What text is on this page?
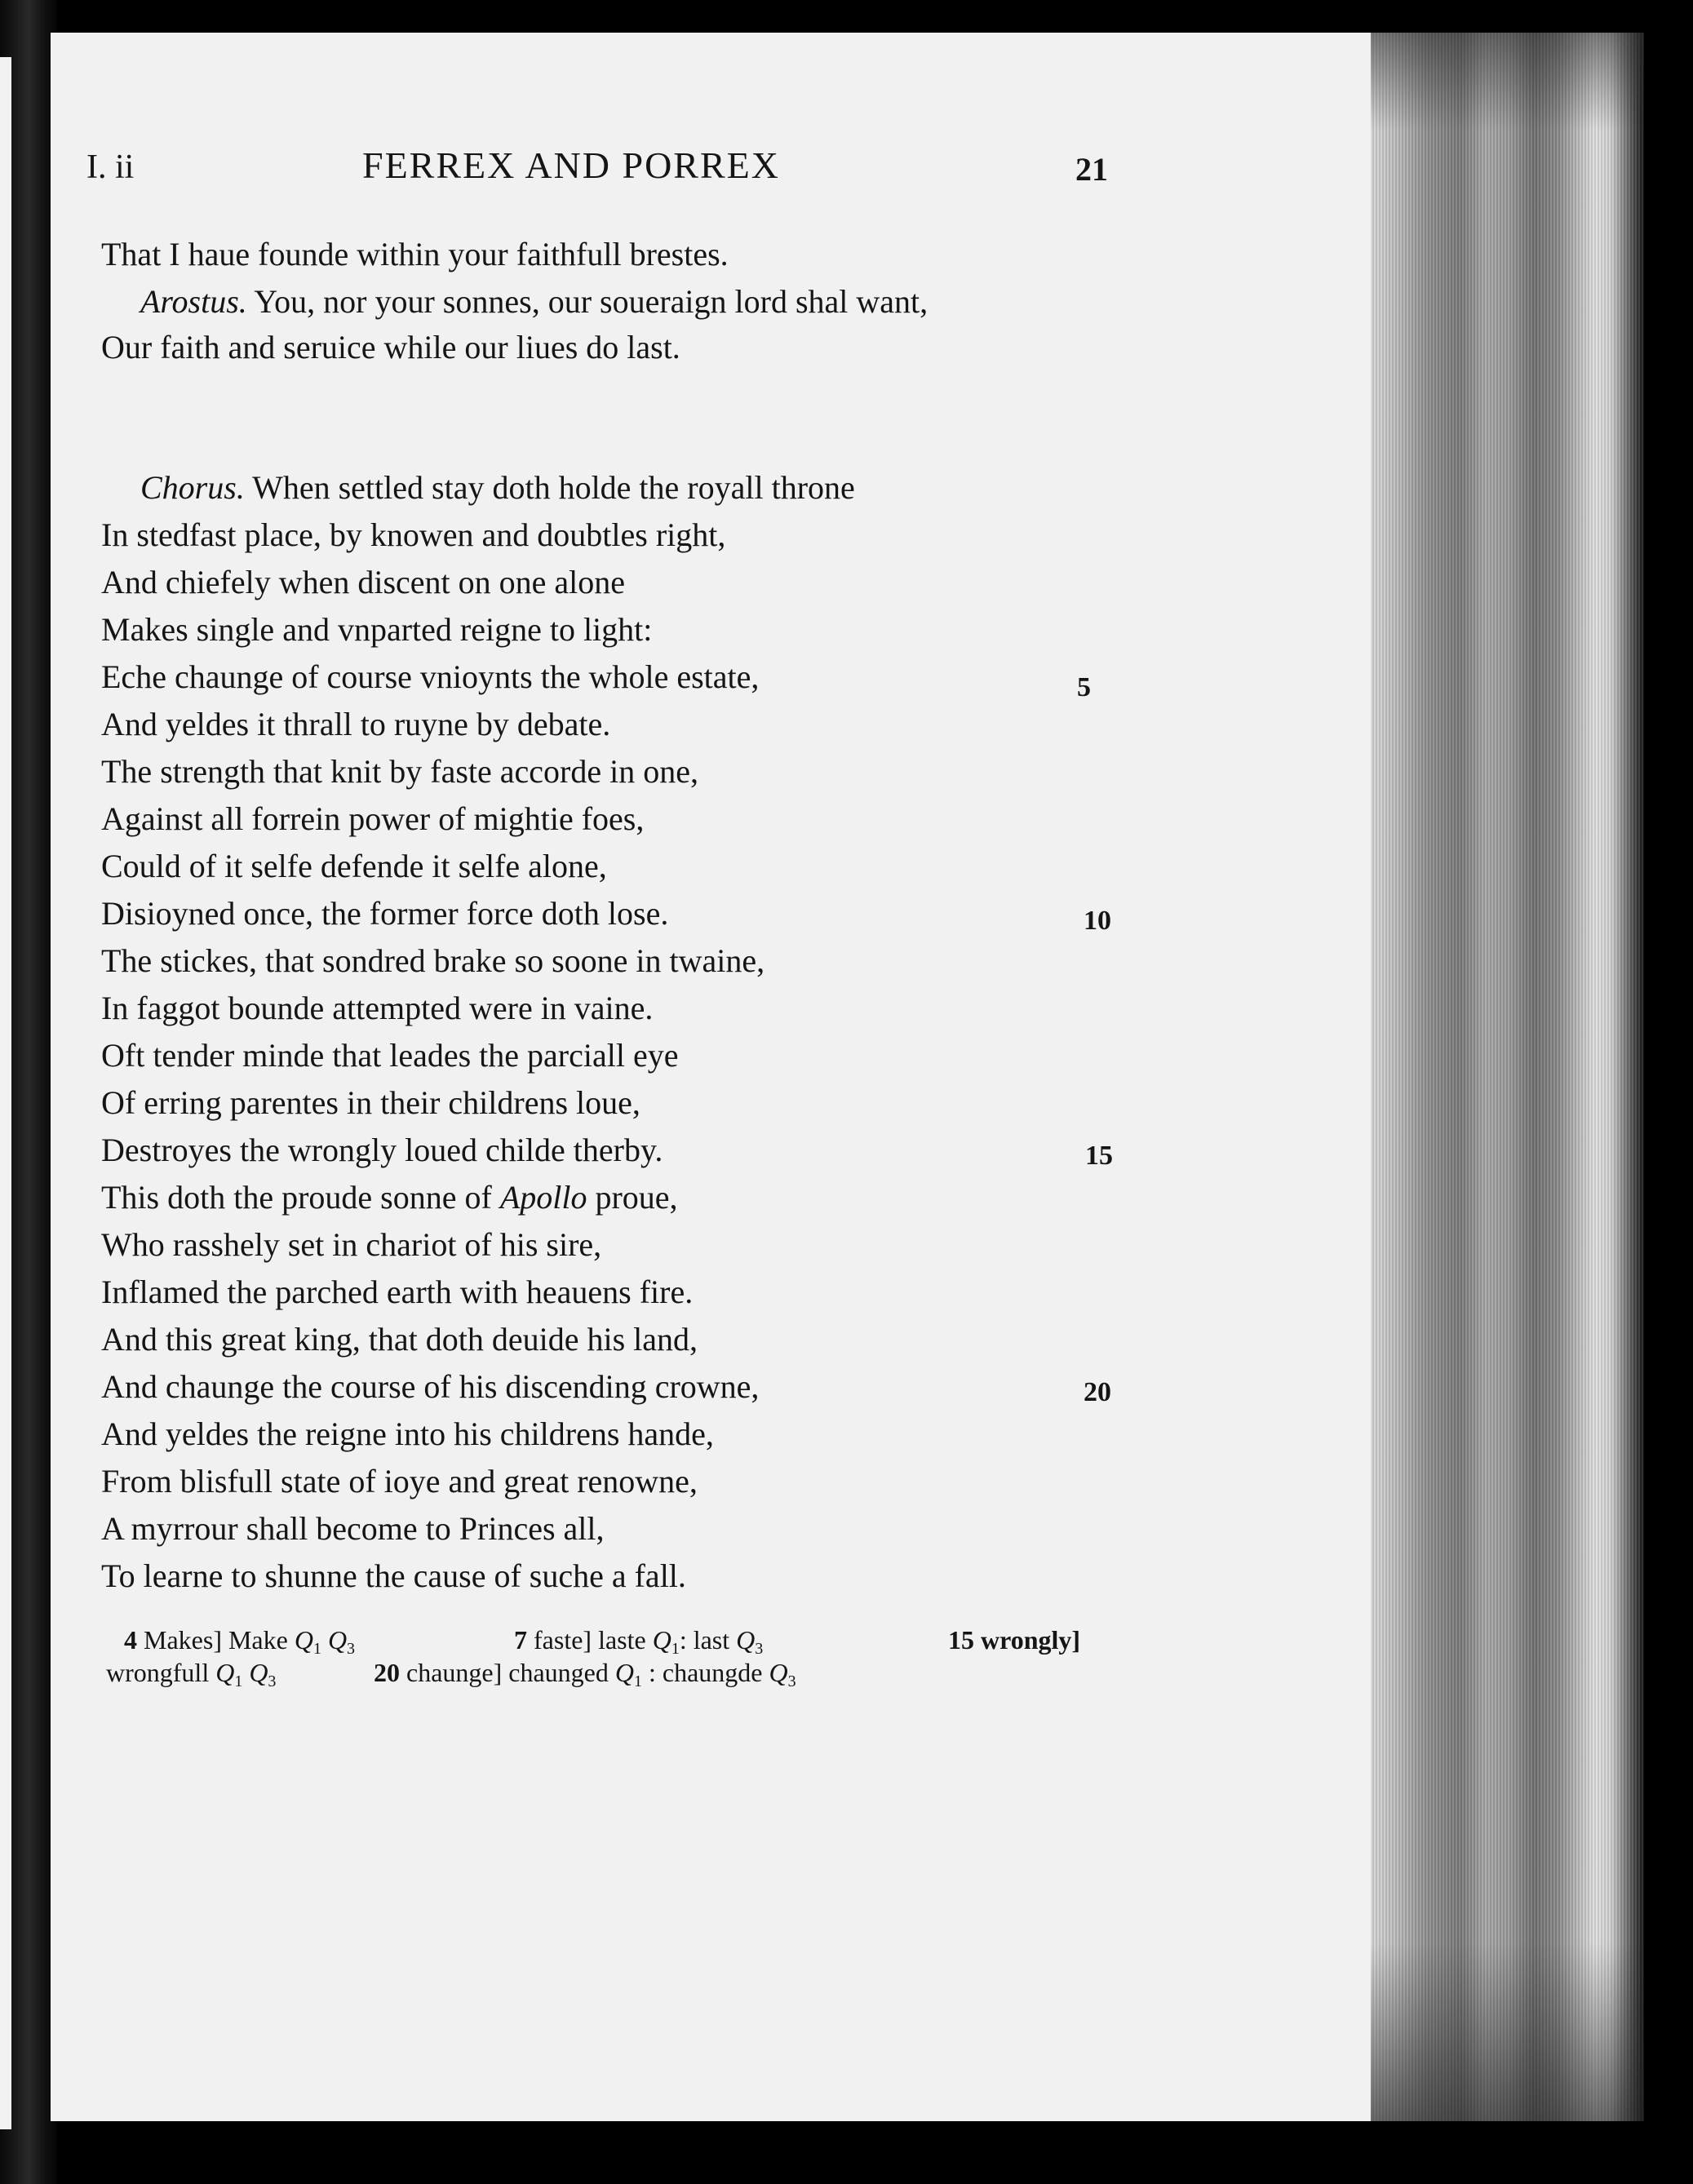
I. ii	FERREX AND PORREX	21
That I haue founde within your faithfull brestes.
Arostus. You, nor your sonnes, our soueraign lord shal want,
Our faith and seruice while our liues do last.
Chorus. When settled stay doth holde the royall throne
In stedfast place, by knowen and doubtles right,
And chiefely when discent on one alone
Makes single and vnparted reigne to light:
Eche chaunge of course vnioynts the whole estate,
And yeldes it thrall to ruyne by debate.
The strength that knit by faste accorde in one,
Against all forrein power of mightie foes,
Could of it selfe defende it selfe alone,
Disioyned once, the former force doth lose.
The stickes, that sondred brake so soone in twaine,
In faggot bounde attempted were in vaine.
Oft tender minde that leades the parciall eye
Of erring parentes in their childrens loue,
Destroyes the wrongly loued childe therby.
This doth the proude sonne of Apollo proue,
Who rasshely set in chariot of his sire,
Inflamed the parched earth with heauens fire.
And this great king, that doth deuide his land,
And chaunge the course of his discending crowne,
And yeldes the reigne into his childrens hande,
From blisfull state of ioye and great renowne,
A myrrour shall become to Princes all,
To learne to shunne the cause of suche a fall.
5
10
15
20
4 Makes] Make $Q_1$ $Q_3$	7 faste] laste $Q_1$: last $Q_3$	15 wrongly]
wrongfull $Q_1$ $Q_3$	20 chaunge] chaunged $Q_1$ : chaungde $Q_3$
